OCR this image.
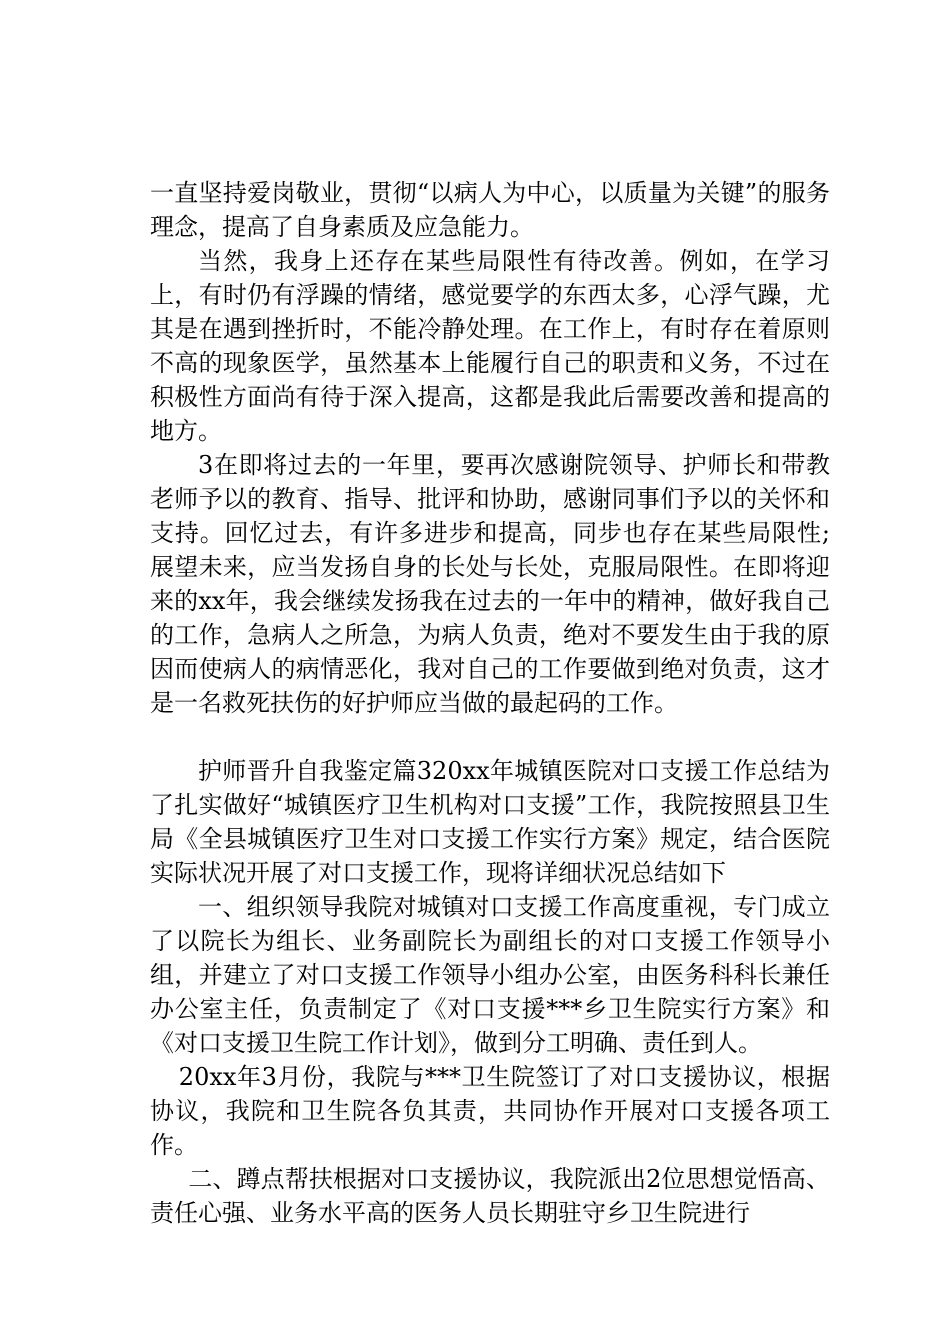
一直坚持爱岗敬业，贯彻“以病人为中心，以质量为关键”的服务理念，提高了自身素质及应急能力。

当然，我身上还存在某些局限性有待改善。例如，在学习上，有时仍有浮躁的情绪，感觉要学的东西太多，心浮气躁，尤其是在遇到挫折时，不能冷静处理。在工作上，有时存在着原则不高的现象医学，虽然基本上能履行自己的职责和义务，不过在积极性方面尚有待于深入提高，这都是我此后需要改善和提高的地方。

3在即将过去的一年里，要再次感谢院领导、护师长和带教老师予以的教育、指导、批评和协助，感谢同事们予以的关怀和支持。回忆过去，有许多进步和提高，同步也存在某些局限性;展望未来，应当发扬自身的长处与长处，克服局限性。在即将迎来的xx年，我会继续发扬我在过去的一年中的精神，做好我自己的工作，急病人之所急，为病人负责，绝对不要发生由于我的原因而使病人的病情恶化，我对自己的工作要做到绝对负责，这才是一名救死扶伤的好护师应当做的最起码的工作。

护师晋升自我鉴定篇320xx年城镇医院对口支援工作总结为了扎实做好“城镇医疗卫生机构对口支援”工作，我院按照县卫生局《全县城镇医疗卫生对口支援工作实行方案》规定，结合医院实际状况开展了对口支援工作，现将详细状况总结如下

一、组织领导我院对城镇对口支援工作高度重视，专门成立了以院长为组长、业务副院长为副组长的对口支援工作领导小组，并建立了对口支援工作领导小组办公室，由医务科科长兼任办公室主任，负责制定了《对口支援***乡卫生院实行方案》和《对口支援卫生院工作计划》，做到分工明确、责任到人。

20xx年3月份，我院与***卫生院签订了对口支援协议，根据协议，我院和卫生院各负其责，共同协作开展对口支援各项工作。

二、蹲点帮扶根据对口支援协议，我院派出2位思想觉悟高、责任心强、业务水平高的医务人员长期驻守乡卫生院进行
